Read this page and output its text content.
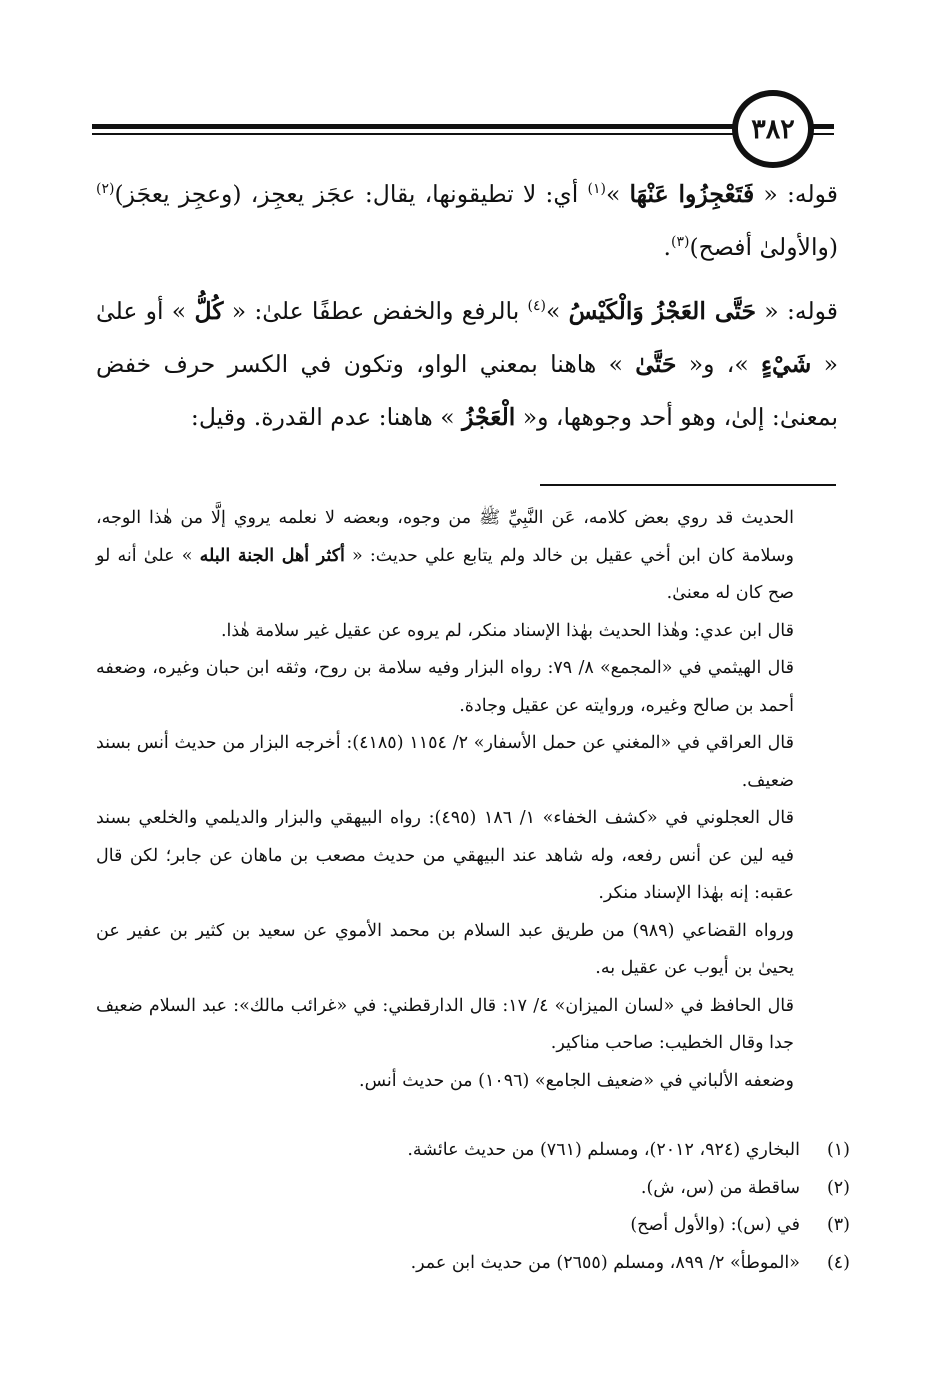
٣٨٢

قوله: « فَتَعْجِزُوا عَنْهَا »$^{(١)}$ أي: لا تطيقونها، يقال: عجَز يعجِز، (وعجِز يعجَز)$^{(٢)}$ (والأولىٰ أفصح)$^{(٣)}$.

قوله: « حَتَّى العَجْزُ وَالْكَيْسُ »$^{(٤)}$ بالرفع والخفض عطفًا علىٰ: « كُلُّ » أو علىٰ « شَيْءٍ »، و« حَتَّىٰ » هاهنا بمعني الواو، وتكون في الكسر حرف خفض بمعنىٰ: إلىٰ، وهو أحد وجوهها، و« الْعَجْزُ » هاهنا: عدم القدرة. وقيل:

الحديث قد روي بعض كلامه، عَن النَّبِيِّ ﷺ من وجوه، وبعضه لا نعلمه يروي إلَّا من هٰذا الوجه، وسلامة كان ابن أخي عقيل بن خالد ولم يتابع علي حديث: « أكثر أهل الجنة البله » علىٰ أنه لو صح كان له معنىٰ.

قال ابن عدي: وهٰذا الحديث بهٰذا الإسناد منكر، لم يروه عن عقيل غير سلامة هٰذا.

قال الهيثمي في «المجمع» ٨/ ٧٩: رواه البزار وفيه سلامة بن روح، وثقه ابن حبان وغيره، وضعفه أحمد بن صالح وغيره، وروايته عن عقيل وجادة.

قال العراقي في «المغني عن حمل الأسفار» ٢/ ١١٥٤ (٤١٨٥): أخرجه البزار من حديث أنس بسند ضعيف.

قال العجلوني في «كشف الخفاء» ١/ ١٨٦ (٤٩٥): رواه البيهقي والبزار والديلمي والخلعي بسند فيه لين عن أنس رفعه، وله شاهد عند البيهقي من حديث مصعب بن ماهان عن جابر؛ لكن قال عقبه: إنه بهٰذا الإسناد منكر.

ورواه القضاعي (٩٨٩) من طريق عبد السلام بن محمد الأموي عن سعيد بن كثير بن عفير عن يحيىٰ بن أيوب عن عقيل به.

قال الحافظ في «لسان الميزان» ٤/ ١٧: قال الدارقطني: في «غرائب مالك»: عبد السلام ضعيف جدا وقال الخطيب: صاحب مناكير.

وضعفه الألباني في «ضعيف الجامع» (١٠٩٦) من حديث أنس.

(١)
البخاري (٩٢٤، ٢٠١٢)، ومسلم (٧٦١) من حديث عائشة.
(٢)
ساقطة من (س، ش).
(٣)
في (س): (والأول أصح)
(٤)
«الموطأ» ٢/ ٨٩٩، ومسلم (٢٦٥٥) من حديث ابن عمر.
